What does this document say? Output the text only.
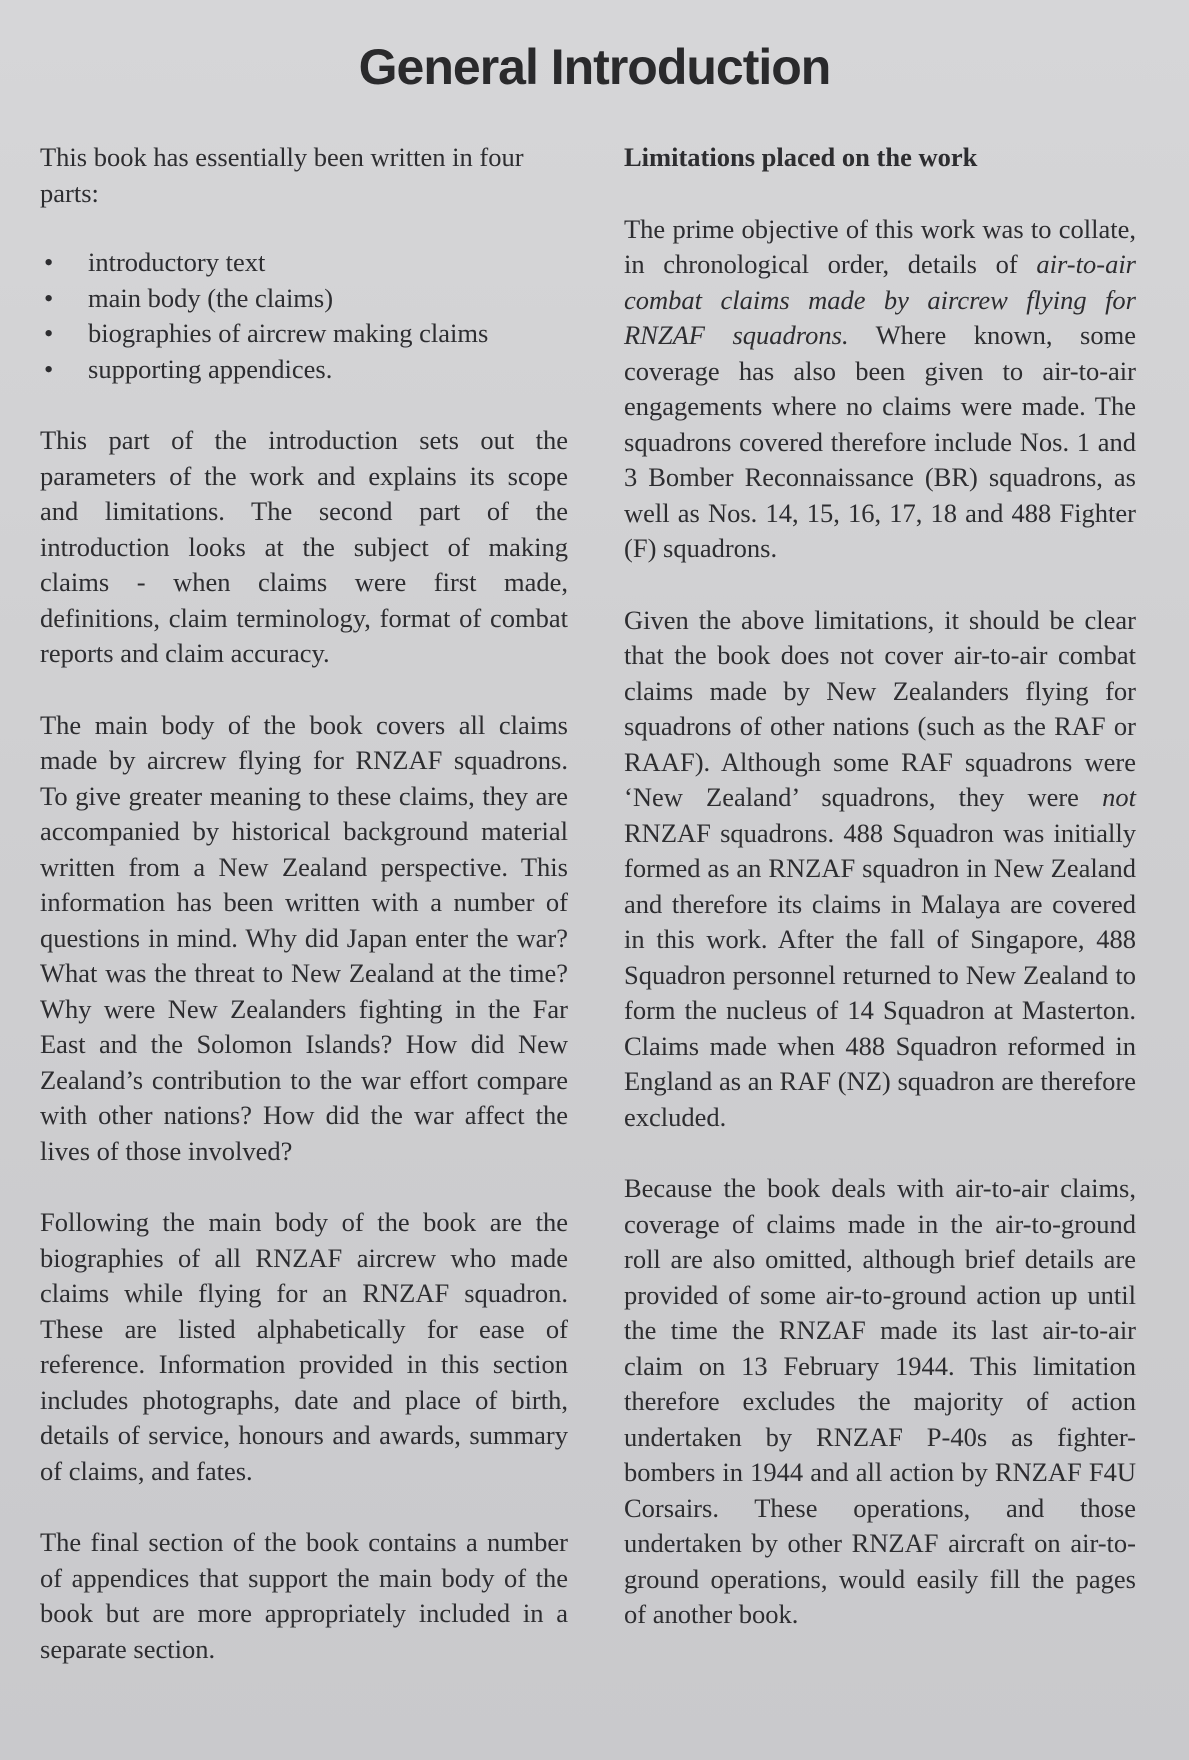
General Introduction

This book has essentially been written in four parts:

• introductory text
• main body (the claims)
• biographies of aircrew making claims
• supporting appendices.

This part of the introduction sets out the parameters of the work and explains its scope and limitations. The second part of the introduction looks at the subject of making claims - when claims were first made, definitions, claim terminology, format of combat reports and claim accuracy.

The main body of the book covers all claims made by aircrew flying for RNZAF squadrons. To give greater meaning to these claims, they are accompanied by historical background material written from a New Zealand perspective. This information has been written with a number of questions in mind. Why did Japan enter the war? What was the threat to New Zealand at the time? Why were New Zealanders fighting in the Far East and the Solomon Islands? How did New Zealand’s contribution to the war effort compare with other nations? How did the war affect the lives of those involved?

Following the main body of the book are the biographies of all RNZAF aircrew who made claims while flying for an RNZAF squadron. These are listed alphabetically for ease of reference. Information provided in this section includes photographs, date and place of birth, details of service, honours and awards, summary of claims, and fates.

The final section of the book contains a number of appendices that support the main body of the book but are more appropriately included in a separate section.

Limitations placed on the work

The prime objective of this work was to collate, in chronological order, details of air-to-air combat claims made by aircrew flying for RNZAF squadrons. Where known, some coverage has also been given to air-to-air engagements where no claims were made. The squadrons covered therefore include Nos. 1 and 3 Bomber Reconnaissance (BR) squadrons, as well as Nos. 14, 15, 16, 17, 18 and 488 Fighter (F) squadrons.

Given the above limitations, it should be clear that the book does not cover air-to-air combat claims made by New Zealanders flying for squadrons of other nations (such as the RAF or RAAF). Although some RAF squadrons were ‘New Zealand’ squadrons, they were not RNZAF squadrons. 488 Squadron was initially formed as an RNZAF squadron in New Zealand and therefore its claims in Malaya are covered in this work. After the fall of Singapore, 488 Squadron personnel returned to New Zealand to form the nucleus of 14 Squadron at Masterton. Claims made when 488 Squadron reformed in England as an RAF (NZ) squadron are therefore excluded.

Because the book deals with air-to-air claims, coverage of claims made in the air-to-ground roll are also omitted, although brief details are provided of some air-to-ground action up until the time the RNZAF made its last air-to-air claim on 13 February 1944. This limitation therefore excludes the majority of action undertaken by RNZAF P-40s as fighter-bombers in 1944 and all action by RNZAF F4U Corsairs. These operations, and those undertaken by other RNZAF aircraft on air-to-ground operations, would easily fill the pages of another book.
